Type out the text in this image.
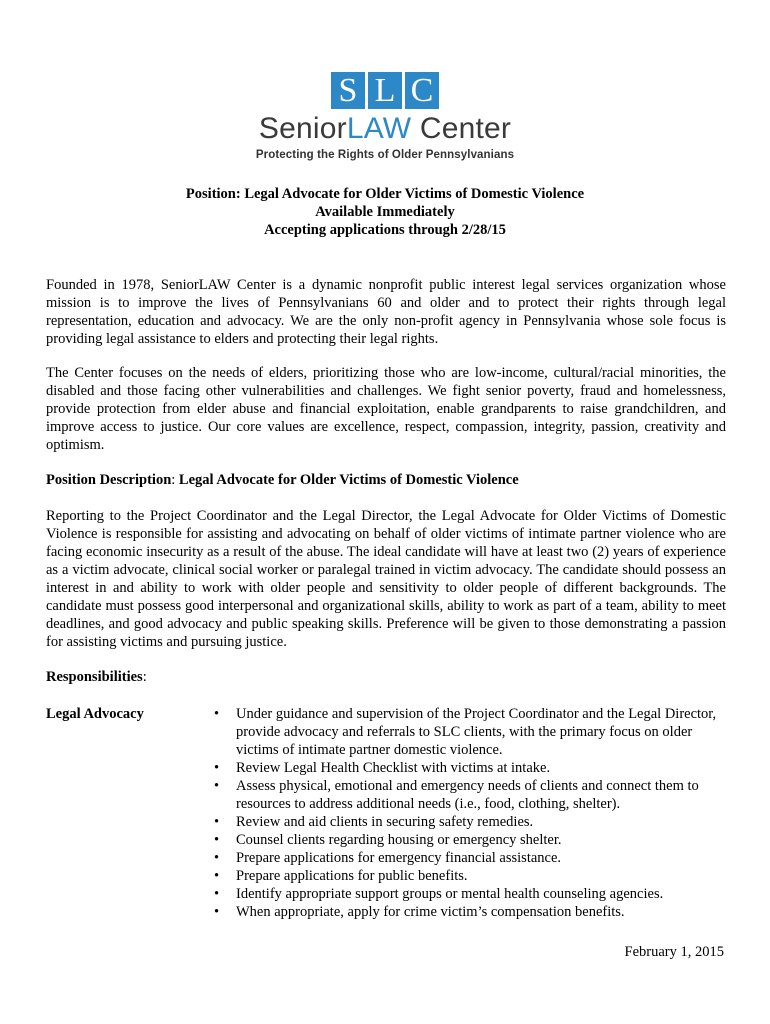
S L C
SeniorLAW Center
Protecting the Rights of Older Pennsylvanians
Position: Legal Advocate for Older Victims of Domestic Violence
Available Immediately
Accepting applications through 2/28/15
Founded in 1978, SeniorLAW Center is a dynamic nonprofit public interest legal services organization whose mission is to improve the lives of Pennsylvanians 60 and older and to protect their rights through legal representation, education and advocacy. We are the only non-profit agency in Pennsylvania whose sole focus is providing legal assistance to elders and protecting their legal rights.
The Center focuses on the needs of elders, prioritizing those who are low-income, cultural/racial minorities, the disabled and those facing other vulnerabilities and challenges. We fight senior poverty, fraud and homelessness, provide protection from elder abuse and financial exploitation, enable grandparents to raise grandchildren, and improve access to justice. Our core values are excellence, respect, compassion, integrity, passion, creativity and optimism.
Position Description: Legal Advocate for Older Victims of Domestic Violence
Reporting to the Project Coordinator and the Legal Director, the Legal Advocate for Older Victims of Domestic Violence is responsible for assisting and advocating on behalf of older victims of intimate partner violence who are facing economic insecurity as a result of the abuse. The ideal candidate will have at least two (2) years of experience as a victim advocate, clinical social worker or paralegal trained in victim advocacy. The candidate should possess an interest in and ability to work with older people and sensitivity to older people of different backgrounds. The candidate must possess good interpersonal and organizational skills, ability to work as part of a team, ability to meet deadlines, and good advocacy and public speaking skills. Preference will be given to those demonstrating a passion for assisting victims and pursuing justice.
Responsibilities:
Legal Advocacy	• Under guidance and supervision of the Project Coordinator and the Legal Director, provide advocacy and referrals to SLC clients, with the primary focus on older victims of intimate partner domestic violence.
• Review Legal Health Checklist with victims at intake.
• Assess physical, emotional and emergency needs of clients and connect them to resources to address additional needs (i.e., food, clothing, shelter).
• Review and aid clients in securing safety remedies.
• Counsel clients regarding housing or emergency shelter.
• Prepare applications for emergency financial assistance.
• Prepare applications for public benefits.
• Identify appropriate support groups or mental health counseling agencies.
• When appropriate, apply for crime victim’s compensation benefits.
February 1, 2015
